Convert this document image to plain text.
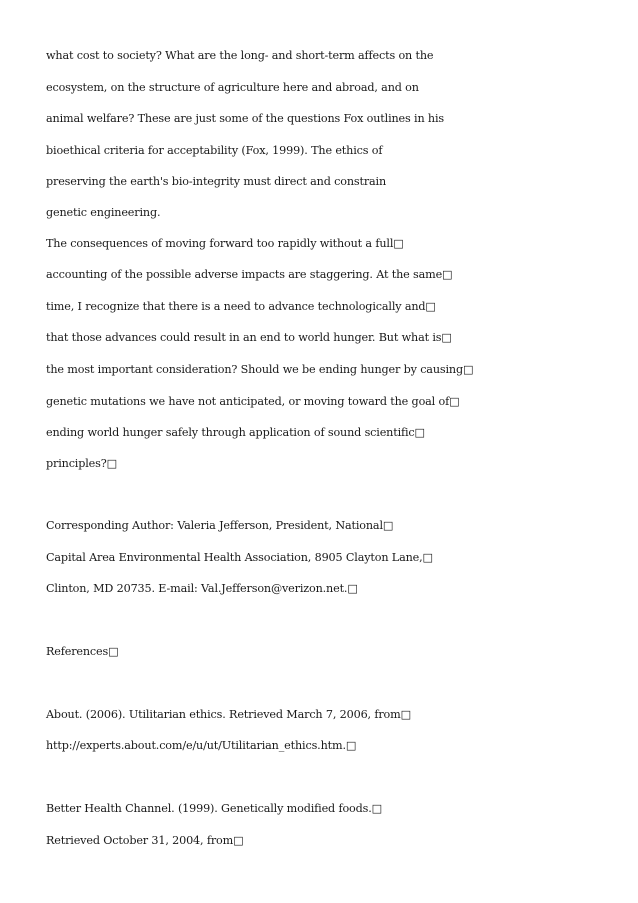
what cost to society? What are the long- and short-term affects on the

ecosystem, on the structure of agriculture here and abroad, and on

animal welfare? These are just some of the questions Fox outlines in his

bioethical criteria for acceptability (Fox, 1999). The ethics of

preserving the earth's bio-integrity must direct and constrain

genetic engineering.

The consequences of moving forward too rapidly without a full□

accounting of the possible adverse impacts are staggering. At the same□

time, I recognize that there is a need to advance technologically and□

that those advances could result in an end to world hunger. But what is□

the most important consideration? Should we be ending hunger by causing□

genetic mutations we have not anticipated, or moving toward the goal of□

ending world hunger safely through application of sound scientific□

principles?□

Corresponding Author: Valeria Jefferson, President, National□

Capital Area Environmental Health Association, 8905 Clayton Lane,□

Clinton, MD 20735. E-mail: Val.Jefferson@verizon.net.□

References□

About. (2006). Utilitarian ethics. Retrieved March 7, 2006, from□

http://experts.about.com/e/u/ut/Utilitarian_ethics.htm.□

Better Health Channel. (1999). Genetically modified foods.□

Retrieved October 31, 2004, from□
